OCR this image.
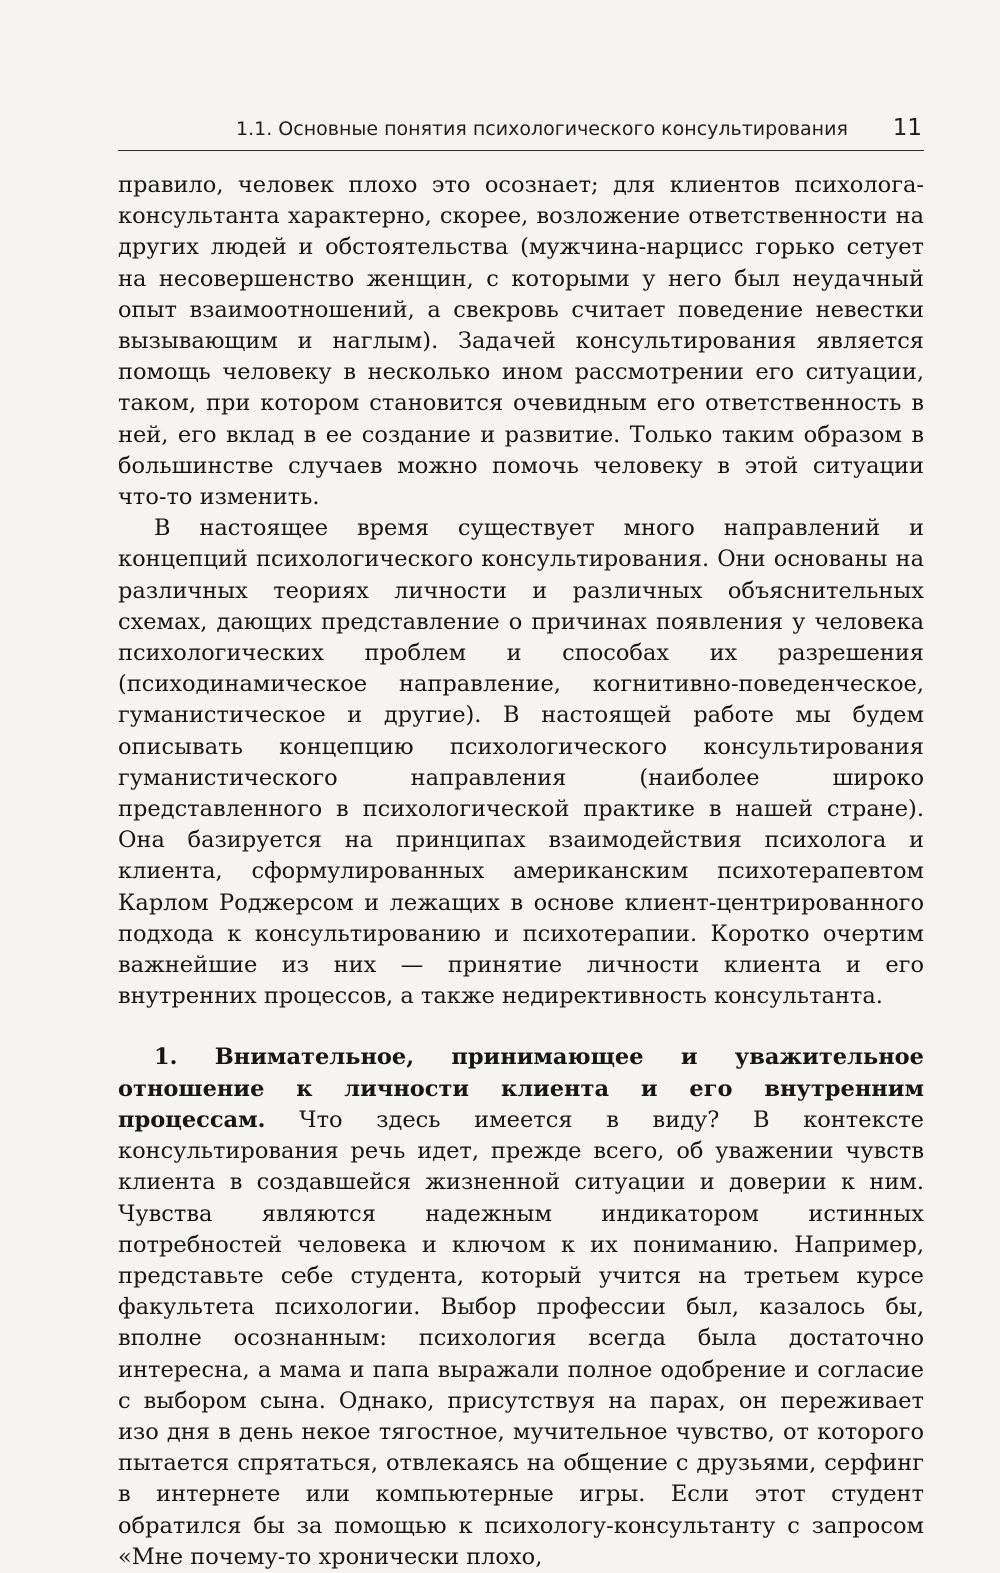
1.1. Основные понятия психологического консультирования 11

правило, человек плохо это осознает; для клиентов психолога-консультанта характерно, скорее, возложение ответственности на других людей и обстоятельства (мужчина-нарцисс горько сетует на несовершенство женщин, с которыми у него был неудачный опыт взаимоотношений, а свекровь считает поведение невестки вызывающим и наглым). Задачей консультирования является помощь человеку в несколько ином рассмотрении его ситуации, таком, при котором становится очевидным его ответственность в ней, его вклад в ее создание и развитие. Только таким образом в большинстве случаев можно помочь человеку в этой ситуации что-то изменить.

В настоящее время существует много направлений и концепций психологического консультирования. Они основаны на различных теориях личности и различных объяснительных схемах, дающих представление о причинах появления у человека психологических проблем и способах их разрешения (психодинамическое направление, когнитивно-поведенческое, гуманистическое и другие). В настоящей работе мы будем описывать концепцию психологического консультирования гуманистического направления (наиболее широко представленного в психологической практике в нашей стране). Она базируется на принципах взаимодействия психолога и клиента, сформулированных американским психотерапевтом Карлом Роджерсом и лежащих в основе клиент-центрированного подхода к консультированию и психотерапии. Коротко очертим важнейшие из них — принятие личности клиента и его внутренних процессов, а также недирективность консультанта.

1. Внимательное, принимающее и уважительное отношение к личности клиента и его внутренним процессам. Что здесь имеется в виду? В контексте консультирования речь идет, прежде всего, об уважении чувств клиента в создавшейся жизненной ситуации и доверии к ним. Чувства являются надежным индикатором истинных потребностей человека и ключом к их пониманию. Например, представьте себе студента, который учится на третьем курсе факультета психологии. Выбор профессии был, казалось бы, вполне осознанным: психология всегда была достаточно интересна, а мама и папа выражали полное одобрение и согласие с выбором сына. Однако, присутствуя на парах, он переживает изо дня в день некое тягостное, мучительное чувство, от которого пытается спрятаться, отвлекаясь на общение с друзьями, серфинг в интернете или компьютерные игры. Если этот студент обратился бы за помощью к психологу-консультанту с запросом «Мне почему-то хронически плохо,
